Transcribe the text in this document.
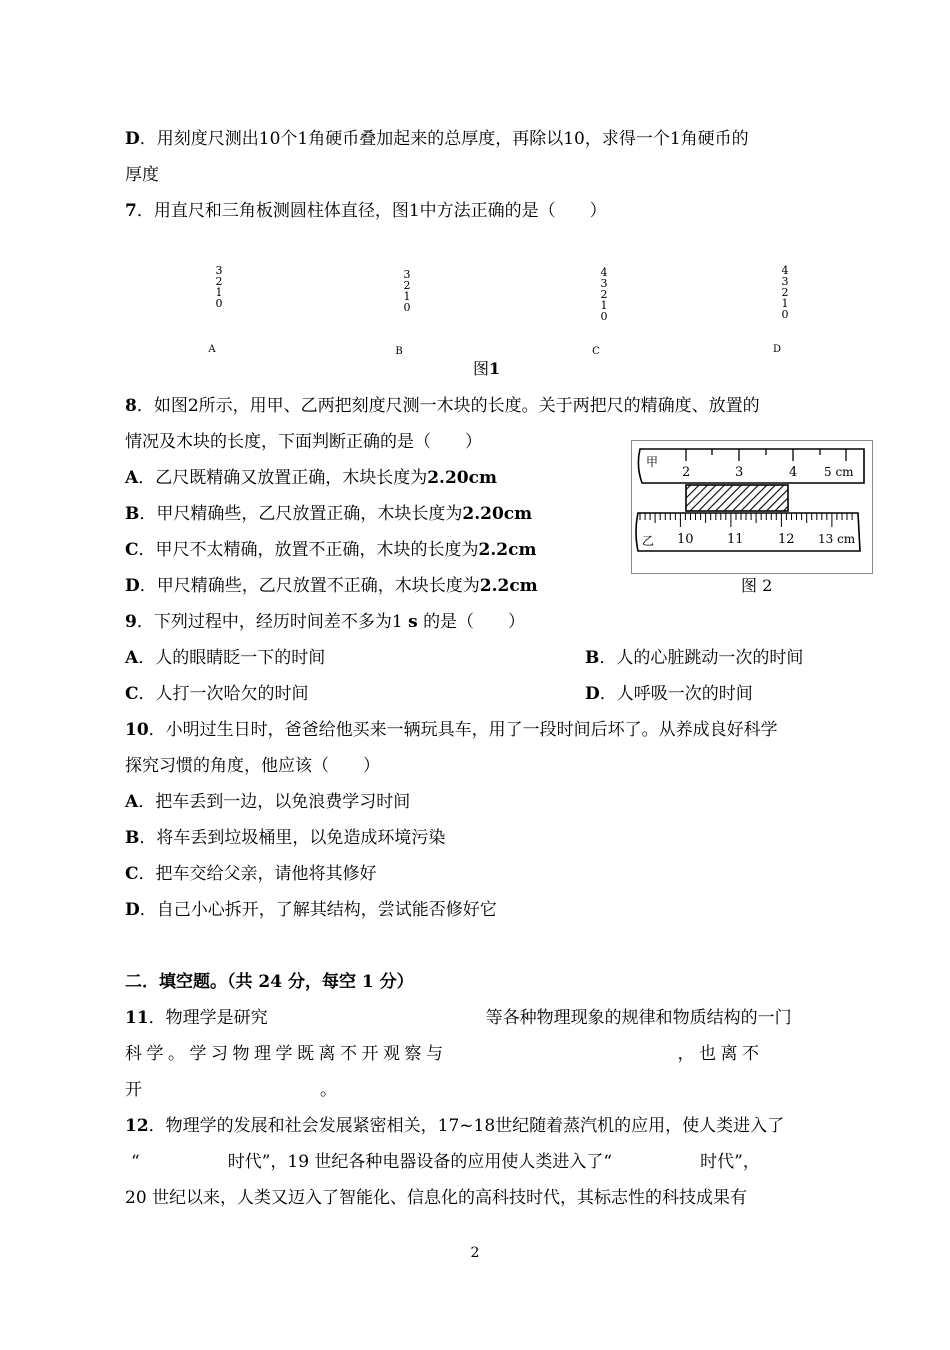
D．用刻度尺测出10个1角硬币叠加起来的总厚度，再除以10，求得一个1角硬币的
厚度
7．用直尺和三角板测圆柱体直径，图1中方法正确的是（　　）
3
2
1
0
A
3
2
1
0
B
4
3
2
1
0
C
4
3
2
1
0
D
图1
8．如图2所示，用甲、乙两把刻度尺测一木块的长度。关于两把尺的精确度、放置的
情况及木块的长度，下面判断正确的是（　　）
A．乙尺既精确又放置正确，木块长度为2.20cm
B．甲尺精确些，乙尺放置正确，木块长度为2.20cm
C．甲尺不太精确，放置不正确，木块的长度为2.2cm
D．甲尺精确些，乙尺放置不正确，木块长度为2.2cm
甲
2	3	4 5 cm
乙 10	11	12 13 cm
图 2
9．下列过程中，经历时间差不多为1 s 的是（　　）
A．人的眼睛眨一下的时间	B．人的心脏跳动一次的时间
C．人打一次哈欠的时间	D．人呼吸一次的时间
10．小明过生日时，爸爸给他买来一辆玩具车，用了一段时间后坏了。从养成良好科学
探究习惯的角度，他应该（　　）
A．把车丢到一边，以免浪费学习时间
B．将车丢到垃圾桶里，以免造成环境污染
C．把车交给父亲，请他将其修好
D．自己小心拆开，了解其结构，尝试能否修好它
二．填空题。（共 24 分，每空 1 分）
11．物理学是研究	等各种物理现象的规律和物质结构的一门
科学。学习物理学既离不开观察与	，也离不
开	。
12．物理学的发展和社会发展紧密相关，17~18世纪随着蒸汽机的应用，使人类进入了
“	时代”，19 世纪各种电器设备的应用使人类进入了“	时代”，
20 世纪以来，人类又迈入了智能化、信息化的高科技时代，其标志性的科技成果有
2
